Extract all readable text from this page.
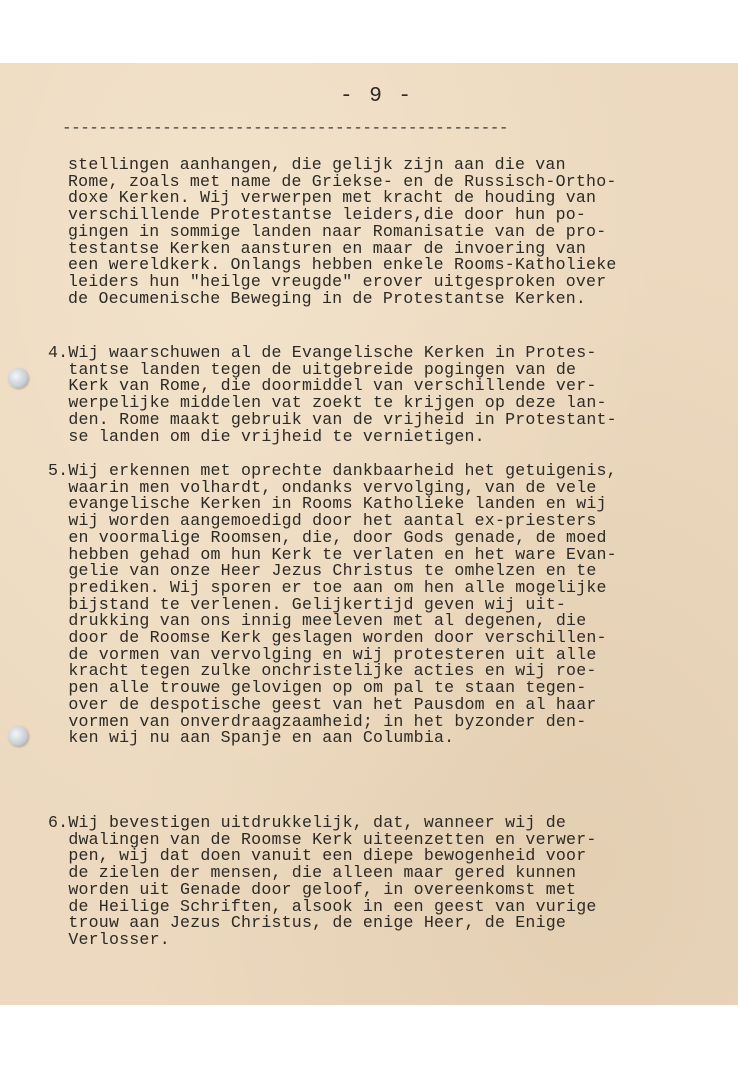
- 9 -
-------------------------------------------------
stellingen aanhangen, die gelijk zijn aan die van
Rome, zoals met name de Griekse- en de Russisch-Ortho-
doxe Kerken. Wij verwerpen met kracht de houding van
verschillende Protestantse leiders,die door hun po-
gingen in sommige landen naar Romanisatie van de pro-
testantse Kerken aansturen en maar de invoering van
een wereldkerk. Onlangs hebben enkele Rooms-Katholieke
leiders hun "heilge vreugde" erover uitgesproken over
de Oecumenische Beweging in de Protestantse Kerken.
4.Wij waarschuwen al de Evangelische Kerken in Protes-
tantse landen tegen de uitgebreide pogingen van de
Kerk van Rome, die doormiddel van verschillende ver-
werpelijke middelen vat zoekt te krijgen op deze lan-
den. Rome maakt gebruik van de vrijheid in Protestant-
se landen om die vrijheid te vernietigen.
5.Wij erkennen met oprechte dankbaarheid het getuigenis,
waarin men volhardt, ondanks vervolging, van de vele
evangelische Kerken in Rooms Katholieke landen en wij
wij worden aangemoedigd door het aantal ex-priesters
en voormalige Roomsen, die, door Gods genade, de moed
hebben gehad om hun Kerk te verlaten en het ware Evan-
gelie van onze Heer Jezus Christus te omhelzen en te
prediken. Wij sporen er toe aan om hen alle mogelijke
bijstand te verlenen. Gelijkertijd geven wij uit-
drukking van ons innig meeleven met al degenen, die
door de Roomse Kerk geslagen worden door verschillen-
de vormen van vervolging en wij protesteren uit alle
kracht tegen zulke onchristelijke acties en wij roe-
pen alle trouwe gelovigen op om pal te staan tegen-
over de despotische geest van het Pausdom en al haar
vormen van onverdraagzaamheid; in het byzonder den-
ken wij nu aan Spanje en aan Columbia.
6.Wij bevestigen uitdrukkelijk, dat, wanneer wij de
dwalingen van de Roomse Kerk uiteenzetten en verwer-
pen, wij dat doen vanuit een diepe bewogenheid voor
de zielen der mensen, die alleen maar gered kunnen
worden uit Genade door geloof, in overeenkomst met
de Heilige Schriften, alsook in een geest van vurige
trouw aan Jezus Christus, de enige Heer, de Enige
Verlosser.
